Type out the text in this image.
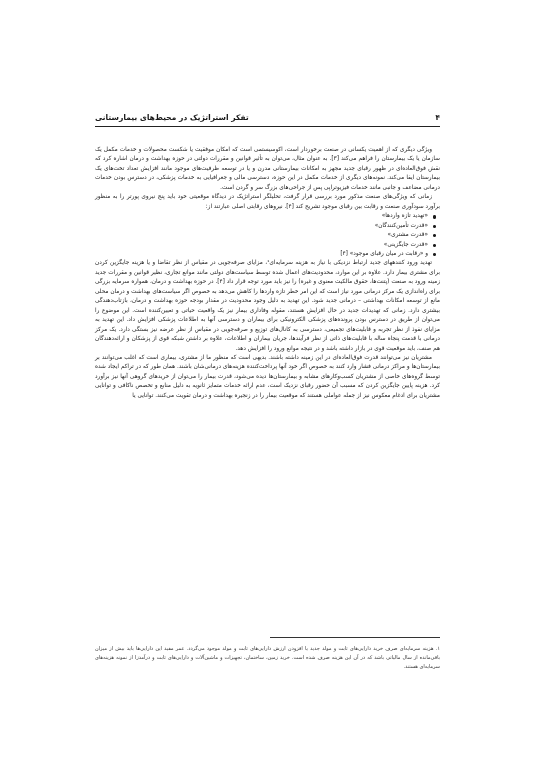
۴
تفکر استراتژیک در محیط‌های بیمارستانی

ویژگی دیگری که از اهمیت یکسانی در صنعت برخوردار است، اکوسیستمی است که امکان موفقیت یا شکست محصولات و خدمات مکمل یک سازمان یا یک بیمارستان را فراهم می‌کند [۳]. به عنوان مثال، می‌توان به تأثیر قوانین و مقررات دولتی در حوزه بهداشت و درمان اشاره کرد که نقش فوق‌العاده‌ای در ظهور رقبای جدید مجهز به امکانات بیمارستانی مدرن و یا در توسعه ظرفیت‌های موجود مانند افزایش تعداد تخت‌های یک بیمارستان ایفا می‌کند. نمونه‌های دیگری از خدمات مکمل در این حوزه، دسترسی مالی و جغرافیایی به خدمات پزشکی، در دسترس بودن خدمات درمانی مضاعف و جانبی مانند خدمات فیزیوتراپی پس از جراحی‌های بزرگ سر و گردن است.

زمانی که ویژگی‌های صنعت مذکور مورد بررسی قرار گرفت، تحلیلگر استراتژیک در دیدگاه موقعیتی خود باید پنج نیروی پورتر را به منظور برآورد سودآوری صنعت و رقابت بین رقبای موجود تشریح کند [۴]. نیروهای رقابتی اصلی عبارتند از:

«تهدید تازه واردها»
«قدرت تأمین‌کنندگان»
«قدرت مشتری»
«قدرت جایگزینی»
و «رقابت در میان رقبای موجود» [۴]

تهدید ورود کنندههای جدید ارتباط نزدیکی با نیاز به هزینه سرمایه‌ای¹، مزایای صرفه‌جویی در مقیاس از نظر تقاضا و یا هزینه جایگزین کردن برای مشتری بیمار دارد. علاوه بر این موارد، محدودیت‌های اعمال شده توسط سیاست‌های دولتی مانند موانع تجاری، نظیر قوانین و مقررات جدید زمینه ورود به صنعت (پتنت‌ها، حقوق مالکیت معنوی و غیره) را نیز باید مورد توجه قرار داد [۴]. در حوزه بهداشت و درمان، همواره سرمایه بزرگی برای راه‌اندازی یک مرکز درمانی مورد نیاز است که این امر خطر تازه واردها را کاهش می‌دهد به خصوص اگر سیاست‌های بهداشت و درمان محلی مانع از توسعه امکانات بهداشتی – درمانی جدید شود. این تهدید به دلیل وجود محدودیت در مقدار بودجه حوزه بهداشت و درمان، بازتاب‌دهندگی بیشتری دارد. زمانی که تهدیدات جدید در حال افزایش هستند، مقوله وفاداری بیمار نیز یک واقعیت حیاتی و تعیین‌کننده است. این موضوع را می‌توان از طریق در دسترس بودن پرونده‌های پزشکی الکترونیکی برای بیماران و دسترسی آنها به اطلاعات پزشکی افزایش داد. این تهدید به مزایای نفوذ از نظر تجربه و قابلیت‌های تجمیعی، دسترسی به کانال‌های توزیع و صرفه‌جویی در مقیاس از نظر عرضه نیز بستگی دارد. یک مرکز درمانی با قدمت پنجاه ساله با قابلیت‌های ذاتی از نظر فرآیندها، جریان بیماران و اطلاعات، علاوه بر داشتن شبکه قوی از پزشکان و ارائه‌دهندگان هم صنف، باید موقعیت قوی در بازار داشته باشد و در نتیجه موانع ورود را افزایش دهد.

مشتریان نیز می‌توانند قدرت فوق‌العاده‌ای در این زمینه داشته باشند. بدیهی است که منظور ما از مشتری، بیماری است که اغلب می‌توانند بر بیمارستان‌ها و مراکز درمانی فشار وارد کنند به خصوص اگر خود آنها پرداخت‌کننده هزینه‌های درمانی‌شان باشند. همان طور که در تراکم ایجاد شده توسط گروه‌های خاصی از مشتریان کسب‌وکارهای مشابه و بیمارستان‌ها دیده می‌شود، قدرت بیمار را می‌توان از خریدهای گروهی آنها نیز برآورد کرد. هزینه پایین جایگزین کردن که مسبب آن حضور رقبای نزدیک است، عدم ارائه خدمات متمایز ثانویه به دلیل منابع و تخصص ناکافی و توانایی مشتریان برای ادغام معکوس نیز از جمله عواملی هستند که موقعیت بیمار را در زنجیره بهداشت و درمان تقویت می‌کنند. توانایی یا

۱. هزینه سرمایه‌ای صرف خرید دارایی‌های ثابت و مولد جدید یا افزودن ارزش دارایی‌های ثابت و مولد موجود می‌گردد. عمر مفید این دارایی‌ها باید بیش از میزان باقی‌مانده از سال مالیاتی باشد که در آن این هزینه صرف شده است. خرید زمین، ساختمان، تجهیزات و ماشین‌آلات و دارایی‌های ثابت و درآمدزا از نمونه هزینه‌های سرمایه‌ای هستند.
